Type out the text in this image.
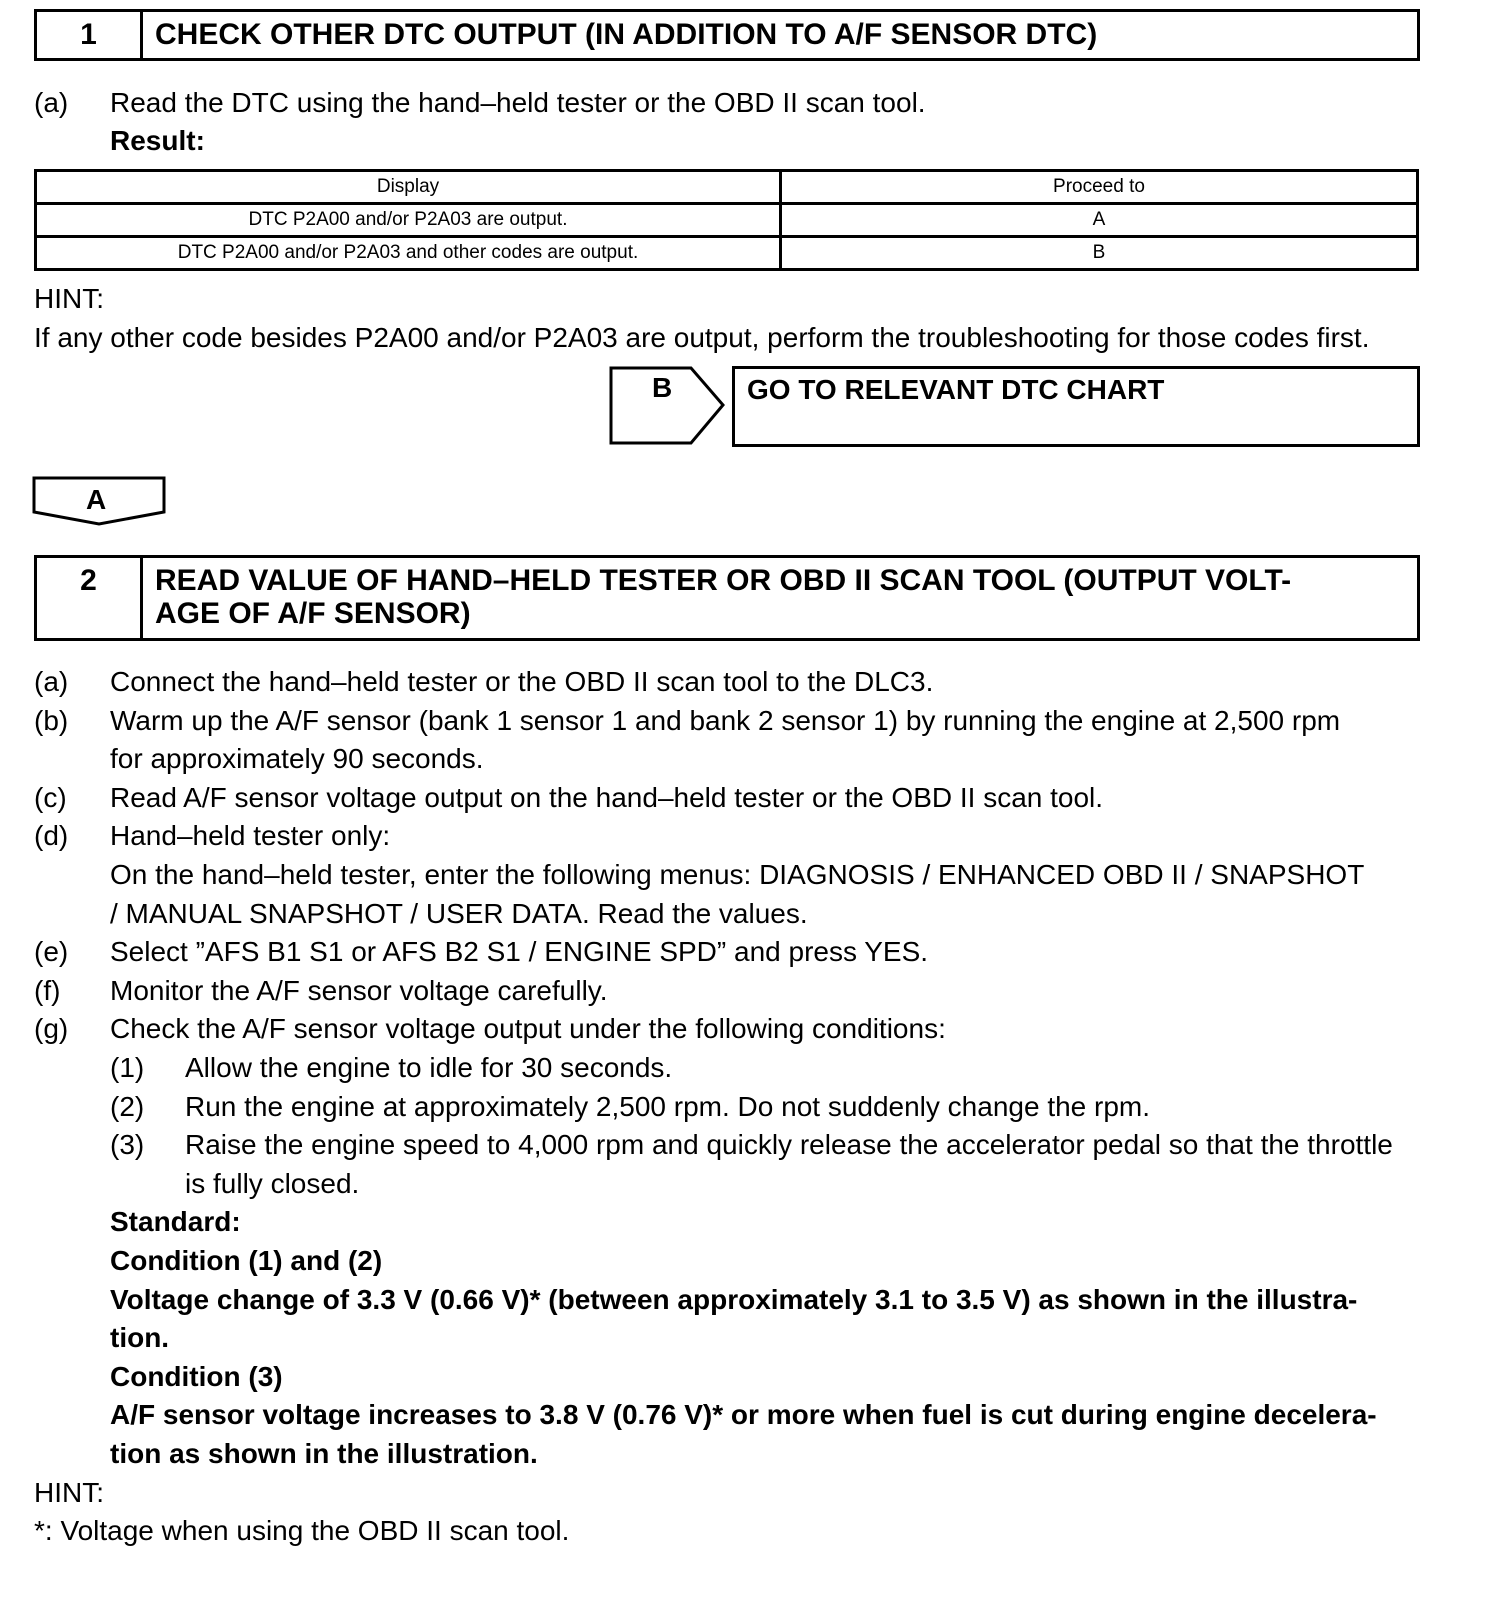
1	CHECK OTHER DTC OUTPUT (IN ADDITION TO A/F SENSOR DTC)
(a) Read the DTC using the hand–held tester or the OBD II scan tool.
Result:
Display	Proceed to
DTC P2A00 and/or P2A03 are output.	A
DTC P2A00 and/or P2A03 and other codes are output.	B
HINT:
If any other code besides P2A00 and/or P2A03 are output, perform the troubleshooting for those codes first.
B	GO TO RELEVANT DTC CHART
A
2	READ VALUE OF HAND–HELD TESTER OR OBD II SCAN TOOL (OUTPUT VOLT-
AGE OF A/F SENSOR)
(a) Connect the hand–held tester or the OBD II scan tool to the DLC3.
(b) Warm up the A/F sensor (bank 1 sensor 1 and bank 2 sensor 1) by running the engine at 2,500 rpm
for approximately 90 seconds.
(c) Read A/F sensor voltage output on the hand–held tester or the OBD II scan tool.
(d) Hand–held tester only:
On the hand–held tester, enter the following menus: DIAGNOSIS / ENHANCED OBD II / SNAPSHOT
/ MANUAL SNAPSHOT / USER DATA. Read the values.
(e) Select ”AFS B1 S1 or AFS B2 S1 / ENGINE SPD” and press YES.
(f) Monitor the A/F sensor voltage carefully.
(g) Check the A/F sensor voltage output under the following conditions:
(1) Allow the engine to idle for 30 seconds.
(2) Run the engine at approximately 2,500 rpm. Do not suddenly change the rpm.
(3) Raise the engine speed to 4,000 rpm and quickly release the accelerator pedal so that the throttle
is fully closed.
Standard:
Condition (1) and (2)
Voltage change of 3.3 V (0.66 V)* (between approximately 3.1 to 3.5 V) as shown in the illustra-
tion.
Condition (3)
A/F sensor voltage increases to 3.8 V (0.76 V)* or more when fuel is cut during engine decelera-
tion as shown in the illustration.
HINT:
*: Voltage when using the OBD II scan tool.
